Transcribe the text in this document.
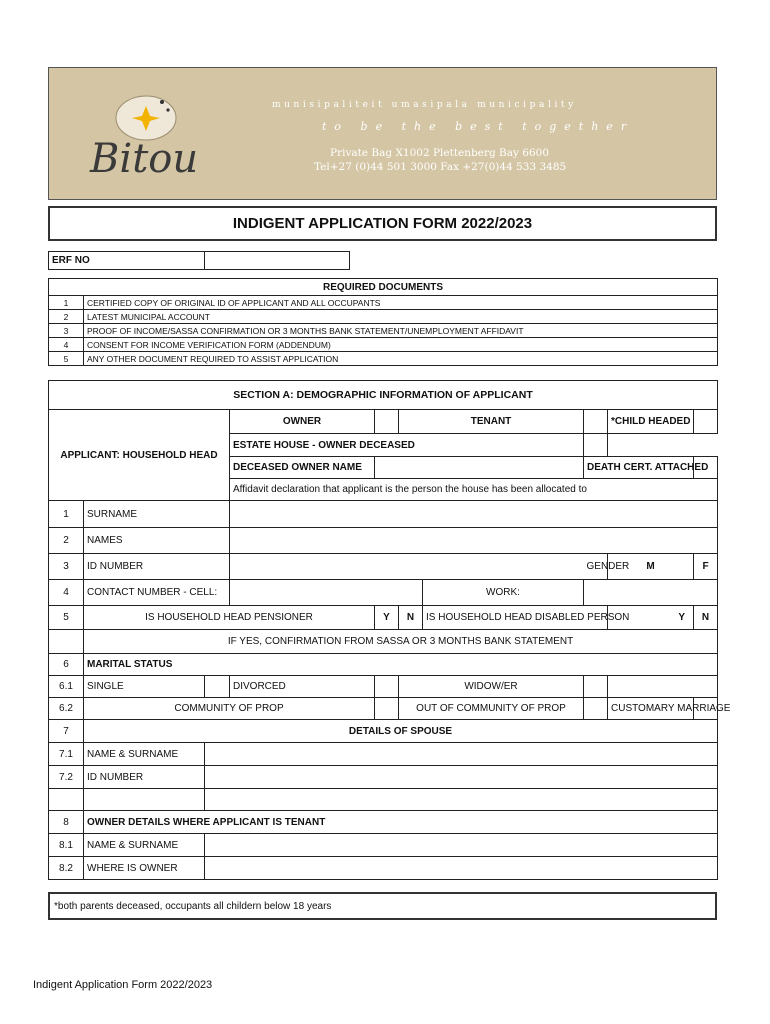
Bitou
munisipaliteit umasipala municipality
to be the best together
Private Bag X1002 Plettenberg Bay 6600
Tel+27 (0)44 501 3000 Fax +27(0)44 533 3485
INDIGENT APPLICATION FORM 2022/2023
ERF NO	
REQUIRED DOCUMENTS	
1	CERTIFIED COPY OF ORIGINAL ID OF APPLICANT AND ALL OCCUPANTS
2	LATEST MUNICIPAL ACCOUNT
3	PROOF OF INCOME/SASSA CONFIRMATION OR 3 MONTHS BANK STATEMENT/UNEMPLOYMENT AFFIDAVIT
4	CONSENT FOR INCOME VERIFICATION FORM (ADDENDUM)
5	ANY OTHER DOCUMENT REQUIRED TO ASSIST APPLICATION
SECTION A: DEMOGRAPHIC INFORMATION OF APPLICANT									
APPLICANT: HOUSEHOLD HEAD			OWNER		TENANT			*CHILD HEADED	
			ESTATE HOUSE - OWNER DECEASED						
			DECEASED OWNER NAME				DEATH CERT. ATTACHED		
			Affidavit declaration that applicant is the person the house has been allocated to						
1	SURNAME								
2	NAMES								
3	ID NUMBER						GENDER	M	F
4	CONTACT NUMBER - CELL:					WORK:			
5	IS HOUSEHOLD HEAD PENSIONER			Y	N	IS HOUSEHOLD HEAD DISABLED PERSON		Y	N
	IF YES, CONFIRMATION FROM SASSA OR 3 MONTHS BANK STATEMENT								
6	MARITAL STATUS								
6.1	SINGLE		DIVORCED		WIDOW/ER				
6.2	COMMUNITY OF PROP				OUT OF COMMUNITY OF PROP			CUSTOMARY MARRIAGE	
7	DETAILS OF SPOUSE								
7.1	NAME & SURNAME								
7.2	ID NUMBER								

8	OWNER DETAILS WHERE APPLICANT IS TENANT								
8.1	NAME & SURNAME								
8.2	WHERE IS OWNER								
*both parents deceased, occupants all childern below 18 years
Indigent Application Form 2022/2023
